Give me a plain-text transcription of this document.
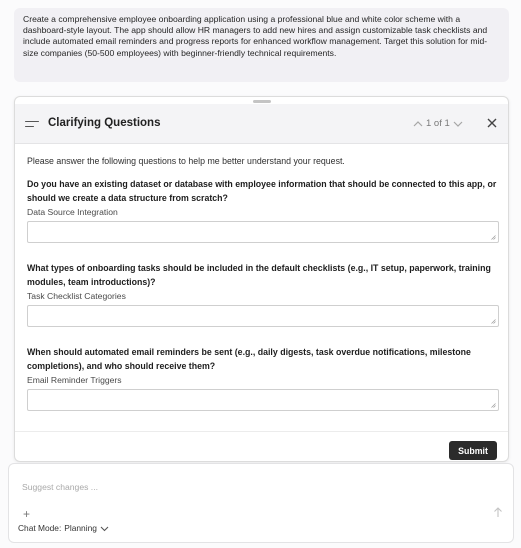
Create a comprehensive employee onboarding application using a professional blue and white color scheme with a dashboard-style layout. The app should allow HR managers to add new hires and assign customizable task checklists and include automated email reminders and progress reports for enhanced workflow management. Target this solution for mid-size companies (50-500 employees) with beginner-friendly technical requirements.

Clarifying Questions	1 of 1

Please answer the following questions to help me better understand your request.

Do you have an existing dataset or database with employee information that should be connected to this app, or should we create a data structure from scratch?

Data Source Integration

What types of onboarding tasks should be included in the default checklists (e.g., IT setup, paperwork, training modules, team introductions)?

Task Checklist Categories

When should automated email reminders be sent (e.g., daily digests, task overdue notifications, milestone completions), and who should receive them?

Email Reminder Triggers

Submit
Suggest changes ...
+
Chat Mode: Planning
